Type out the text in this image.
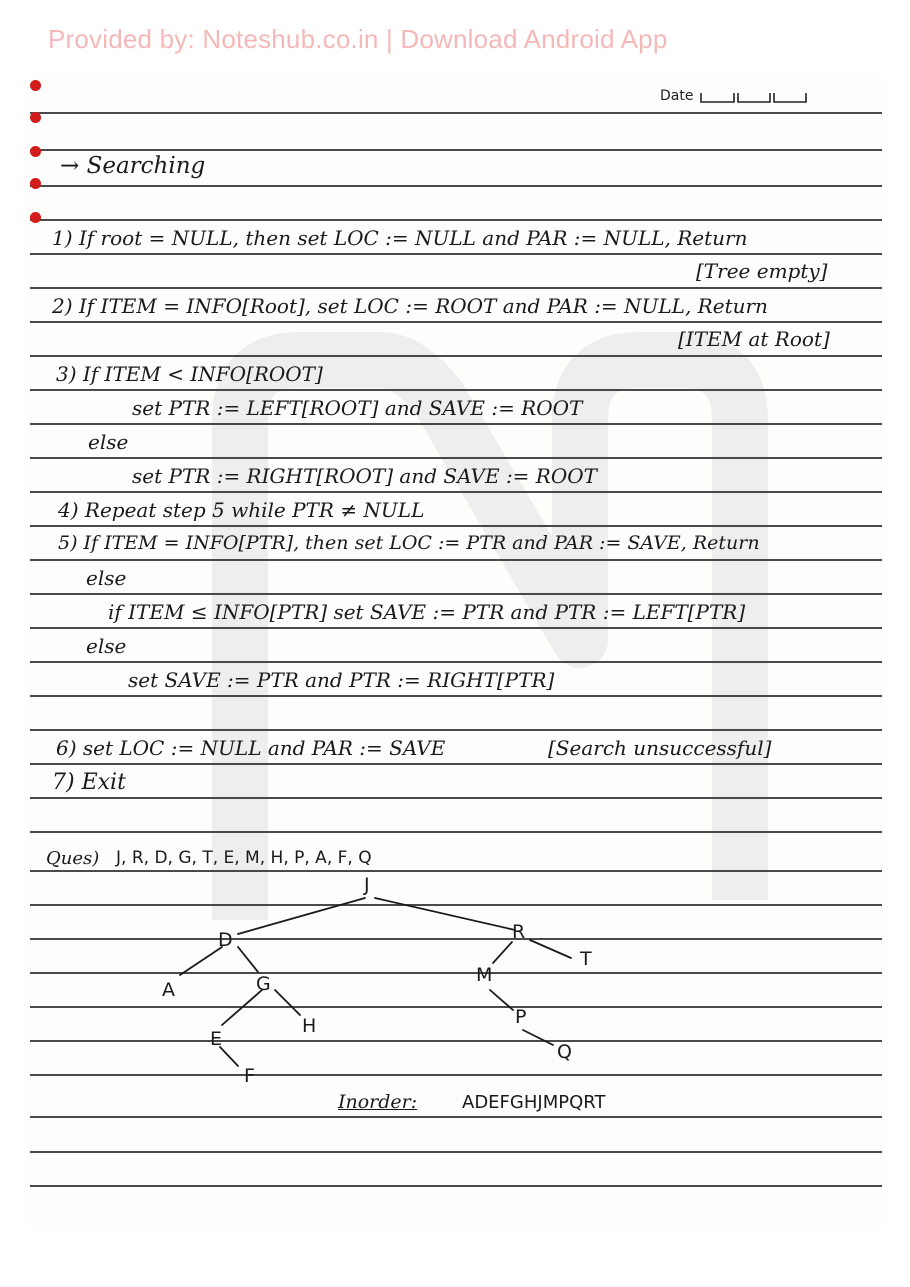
Provided by: Noteshub.co.in | Download Android App
Date
→ Searching
1) If root = NULL, then set LOC := NULL and PAR := NULL, Return
[Tree empty]
2) If ITEM = INFO[Root], set LOC := ROOT and PAR := NULL, Return
[ITEM at Root]
3) If ITEM < INFO[ROOT]
set PTR := LEFT[ROOT] and SAVE := ROOT
else
set PTR := RIGHT[ROOT] and SAVE := ROOT
4) Repeat step 5 while PTR ≠ NULL
5) If ITEM = INFO[PTR], then set LOC := PTR and PAR := SAVE, Return
else
if ITEM ≤ INFO[PTR] set SAVE := PTR and PTR := LEFT[PTR]
else
set SAVE := PTR and PTR := RIGHT[PTR]
6) set LOC := NULL and PAR := SAVE	[Search unsuccessful]
7) Exit
Ques) J, R, D, G, T, E, M, H, P, A, F, Q
J
D	R
A	G	M
T
E
H	P
F
Q
Inorder: ADEFGHJMPQRT
